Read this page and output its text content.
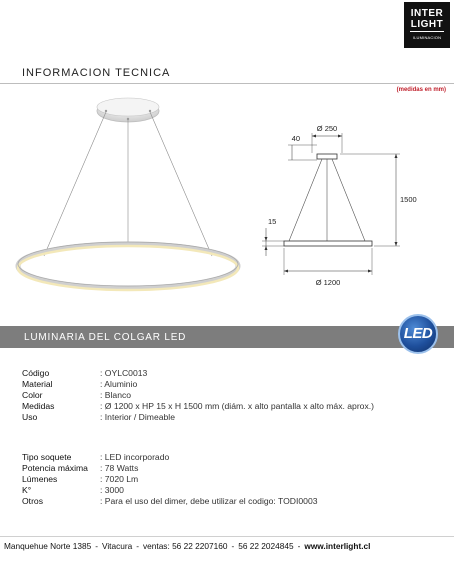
INTER
LIGHT
ILUMINACION
INFORMACION TECNICA
(medidas en mm)
Ø 250
40
1500
15
Ø 1200
LUMINARIA DEL COLGAR LED	LED
Código	: OYLC0013
Material	: Aluminio
Color	: Blanco
Medidas	: Ø 1200 x HP 15 x H 1500 mm (diám. x alto pantalla x alto máx. aprox.)
Uso	: Interior / Dimeable
Tipo soquete	: LED incorporado
Potencia máxima	: 78 Watts
Lúmenes	: 7020 Lm
K°	: 3000
Otros	: Para el uso del dimer, debe utilizar el codigo: TODI0003
Manquehue Norte 1385 - Vitacura - ventas: 56 22 2207160 - 56 22 2024845 - www.interlight.cl
